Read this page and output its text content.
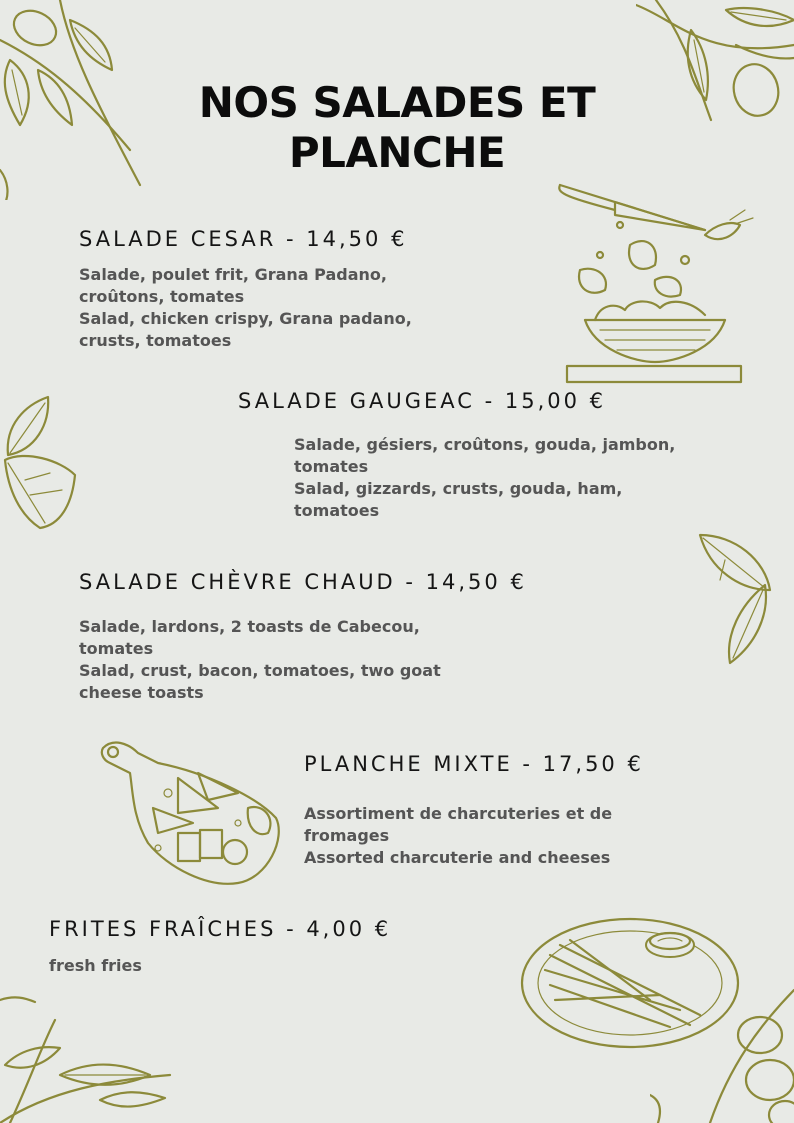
NOS SALADES ET
PLANCHE
SALADE CESAR - 14,50 €
Salade, poulet frit, Grana Padano,
croûtons, tomates
Salad, chicken crispy, Grana padano,
crusts, tomatoes
SALADE GAUGEAC - 15,00 €
Salade, gésiers, croûtons, gouda, jambon,
tomates
Salad, gizzards, crusts, gouda, ham,
tomatoes
SALADE CHÈVRE CHAUD - 14,50 €
Salade, lardons, 2 toasts de Cabecou,
tomates
Salad, crust, bacon, tomatoes, two goat
cheese toasts
PLANCHE MIXTE - 17,50 €
Assortiment de charcuteries et de
fromages
Assorted charcuterie and cheeses
FRITES FRAÎCHES - 4,00 €
fresh fries
